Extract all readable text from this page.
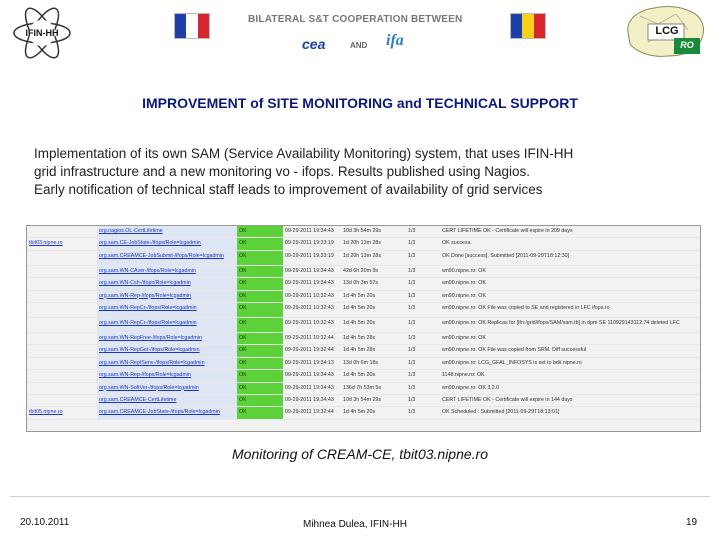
IFIN-HH
BILATERAL S&T COOPERATION BETWEEN
cea	AND ifa
LCG
RO
IMPROVEMENT of SITE MONITORING and TECHNICAL SUPPORT
Implementation of its own SAM (Service Availability Monitoring) system, that uses IFIN-HH
grid infrastructure and a new monitoring vo - ifops. Results published using Nagios.
Early notification of technical staff leads to improvement of availability of grid services
org.nagios.OL-CertLifetime	OK	09-29-2011 19:34:43	10d 3h 54m 29s	1/3	CERT LIFETIME OK - Certificate will expire in 209 days
tbit03.nipne.ro	org.sam.CE-JobState-/ifops/Role=lcgadmin	OK	09-29-2011 19:33:19	1d 20h 13m 28s	1/3	OK success.
org.sam.CREAMCE-JobSubmit-/ifops/Role=lcgadmin	OK	09-29-2011 19:33:19	1d 20h 13m 28s	1/3	OK Done [success]. Submitted [2011-09-29T18:12:30]
org.sam.WN-CAver-/ifops/Role=lcgadmin	OK	09-29-2011 19:34:43	42d 6h 20m 9s	1/3	wn90.nipne.ro: OK
org.sam.WN-Csh-/ifops/Role=lcgadmin	OK	09-29-2011 19:34:43	13d 0h 3m 57s	1/3	wn90.nipne.ro: OK
org.sam.WN-Rep-/ifops/Role=lcgadmin	OK	09-29-2011 10:32:43	1d 4h 5m 20s	1/3	wn90.nipne.ro: OK
org.sam.WN-RepCr-/ifops/Role=lcgadmin	OK	09-29-2011 10:32:43	1d 4h 5m 20s	1/3	wn90.nipne.ro: OK File was copied to SE and registered in LFC ifops.ro
org.sam.WN-RepCr-/ifops/Role=lcgadmin	OK	09-29-2011 10:32:43	1d 4h 5m 20s	1/3	wn90.nipne.ro: OK Replicas for [lfn:/grid/ifops/SAM/sam.tb] in dpm SE 110929143112.74 deleted LFC
org.sam.WN-RepFree-/ifops/Role=lcgadmin	OK	09-29-2011 10:32:44	1d 4h 5m 28s	1/3	wn90.nipne.ro: OK
org.sam.WN-RepGet-/ifops/Role=lcgadmin	OK	09-29-2011 19:32:44	1d 4h 5m 28s	1/3	wn90.nipne.ro: OK File was copied from SRM. Diff successful
org.sam.WN-RepISenv-/ifops/Role=lcgadmin	OK	09-29-2011 19:34:13	13d 0h 6m 18s	1/3	wn90.nipne.ro: LCG_GFAL_INFOSYS is set to bdii.nipne.ro
org.sam.WN-Rep-/ifops/Role=lcgadmin	OK	09-29-2011 19:34:43	1d 4h 5m 20s	1/3	1148.nipne.ro: OK
org.sam.WN-SoftVer-/ifops/Role=lcgadmin	OK	09-29-2011 19:34:43	136d 7h 53m 5s	1/3	wn90.nipne.ro: OK 3.2.0
org.sam.CREAMCE-CertLifetime	OK	09-29-2011 19:34:43	10d 3h 54m 29s	1/3	CERT LIFETIME OK - Certificate will expire in 144 days
tbit05.nipne.ro	org.sam.CREAMCE-JobState-/ifops/Role=lcgadmin	OK	09-29-2011 19:32:44	1d 4h 5m 20s	1/3	OK Scheduled : Submitted [2011-09-29T18:13:01]
Monitoring of CREAM-CE, tbit03.nipne.ro
20.10.2011	Mihnea Dulea, IFIN-HH	19
